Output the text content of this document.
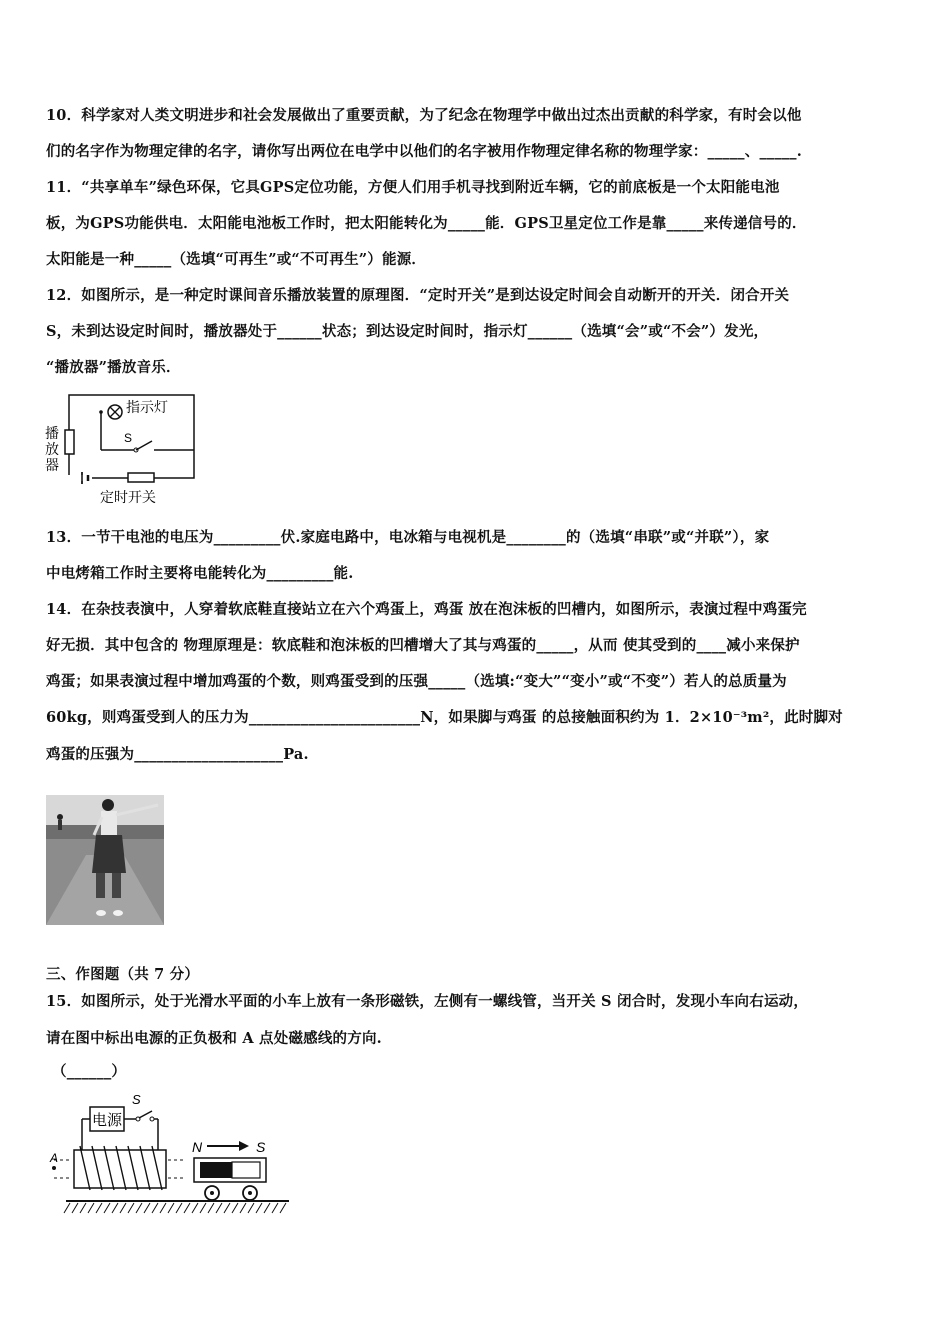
10．科学家对人类文明进步和社会发展做出了重要贡献，为了纪念在物理学中做出过杰出贡献的科学家，有时会以他
们的名字作为物理定律的名字，请你写出两位在电学中以他们的名字被用作物理定律名称的物理学家：_____、_____.
11．“共享单车”绿色环保，它具GPS定位功能，方便人们用手机寻找到附近车辆，它的前底板是一个太阳能电池
板，为GPS功能供电．太阳能电池板工作时，把太阳能转化为_____能．GPS卫星定位工作是靠_____来传递信号的．
太阳能是一种_____（选填“可再生”或“不可再生”）能源．
12．如图所示，是一种定时课间音乐播放装置的原理图．“定时开关”是到达设定时间会自动断开的开关．闭合开关
S，未到达设定时间时，播放器处于______状态；到达设定时间时，指示灯______（选填“会”或“不会”）发光，
“播放器”播放音乐．
指示灯
S
播
放
器
定时开关
13．一节干电池的电压为_________伏.家庭电路中，电冰箱与电视机是________的（选填“串联”或“并联”），家
中电烤箱工作时主要将电能转化为_________能.
14．在杂技表演中，人穿着软底鞋直接站立在六个鸡蛋上，鸡蛋 放在泡沫板的凹槽内，如图所示，表演过程中鸡蛋完
好无损．其中包含的 物理原理是：软底鞋和泡沫板的凹槽增大了其与鸡蛋的_____，从而 使其受到的____减小来保护
鸡蛋；如果表演过程中增加鸡蛋的个数，则鸡蛋受到的压强_____（选填:“变大”“变小”或“不变”）若人的总质量为
60kg，则鸡蛋受到人的压力为_______________________N，如果脚与鸡蛋 的总接触面积约为 1．2×10⁻³m²，此时脚对
鸡蛋的压强为____________________Pa.
三、作图题（共 7 分）
15．如图所示，处于光滑水平面的小车上放有一条形磁铁，左侧有一螺线管，当开关 S 闭合时，发现小车向右运动，
请在图中标出电源的正负极和 A 点处磁感线的方向.
（______）
电源
S
A
N	S
